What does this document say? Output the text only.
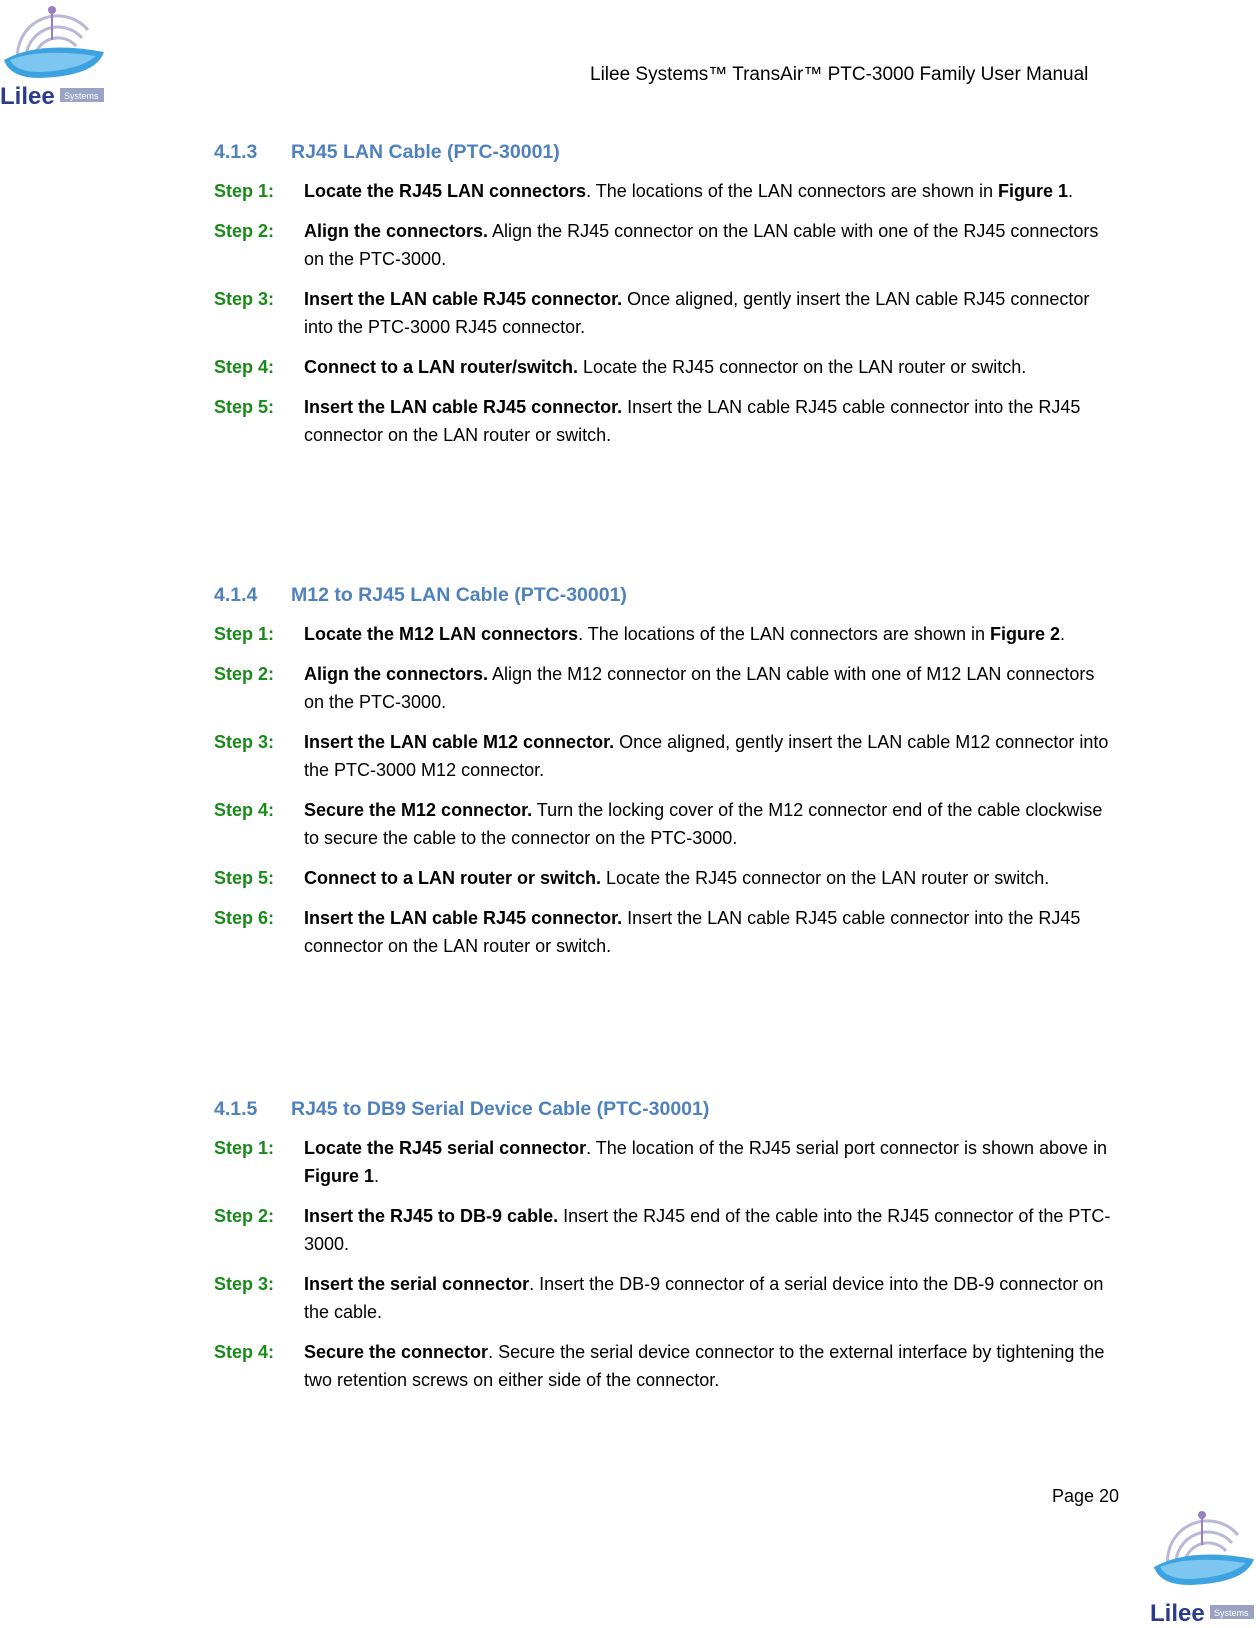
Systems
Lilee
Lilee Systems™ TransAir™ PTC-3000 Family User Manual
4.1.3	RJ45 LAN Cable (PTC-30001)
Step 1: Locate the RJ45 LAN connectors. The locations of the LAN connectors are shown in Figure 1.
Step 2: Align the connectors. Align the RJ45 connector on the LAN cable with one of the RJ45 connectors on the PTC-3000.
Step 3: Insert the LAN cable RJ45 connector. Once aligned, gently insert the LAN cable RJ45 connector into the PTC-3000 RJ45 connector.
Step 4: Connect to a LAN router/switch. Locate the RJ45 connector on the LAN router or switch.
Step 5: Insert the LAN cable RJ45 connector. Insert the LAN cable RJ45 cable connector into the RJ45 connector on the LAN router or switch.
4.1.4	M12 to RJ45 LAN Cable (PTC-30001)
Step 1: Locate the M12 LAN connectors. The locations of the LAN connectors are shown in Figure 2.
Step 2: Align the connectors. Align the M12 connector on the LAN cable with one of M12 LAN connectors on the PTC-3000.
Step 3: Insert the LAN cable M12 connector. Once aligned, gently insert the LAN cable M12 connector into the PTC-3000 M12 connector.
Step 4: Secure the M12 connector. Turn the locking cover of the M12 connector end of the cable clockwise to secure the cable to the connector on the PTC-3000.
Step 5: Connect to a LAN router or switch. Locate the RJ45 connector on the LAN router or switch.
Step 6: Insert the LAN cable RJ45 connector. Insert the LAN cable RJ45 cable connector into the RJ45 connector on the LAN router or switch.
4.1.5	RJ45 to DB9 Serial Device Cable (PTC-30001)
Step 1: Locate the RJ45 serial connector. The location of the RJ45 serial port connector is shown above in Figure 1.
Step 2: Insert the RJ45 to DB-9 cable. Insert the RJ45 end of the cable into the RJ45 connector of the PTC-3000.
Step 3: Insert the serial connector. Insert the DB-9 connector of a serial device into the DB-9 connector on the cable.
Step 4: Secure the connector. Secure the serial device connector to the external interface by tightening the two retention screws on either side of the connector.
Page 20
Systems
Lilee
